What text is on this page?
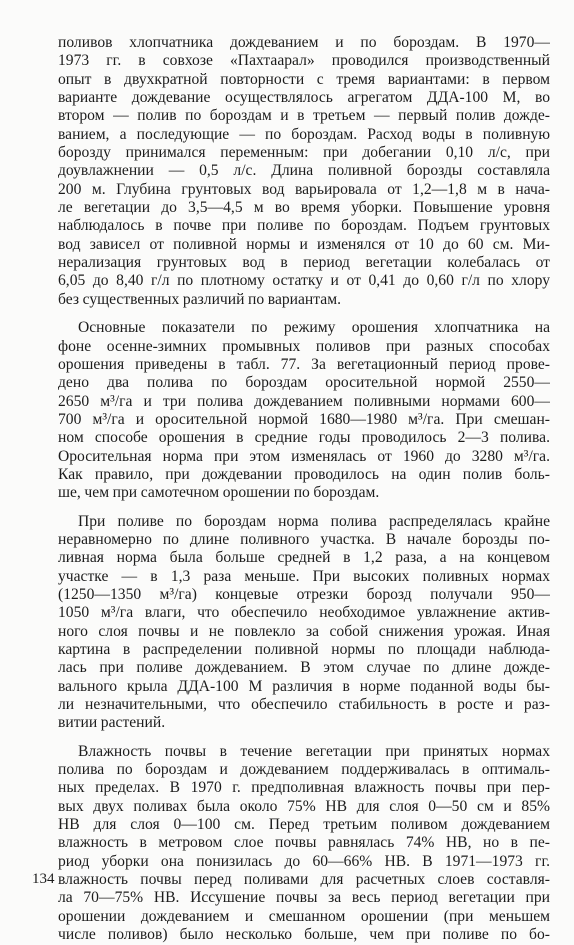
поливов хлопчатника дождеванием и по бороздам. В 1970—
1973 гг. в совхозе «Пахтаарал» проводился производственный
опыт в двухкратной повторности с тремя вариантами: в первом
варианте дождевание осуществлялось агрегатом ДДА-100 М, во
втором — полив по бороздам и в третьем — первый полив дожде-
ванием, а последующие — по бороздам. Расход воды в поливную
борозду принимался переменным: при добегании 0,10 л/с, при
доувлажнении — 0,5 л/с. Длина поливной борозды составляла
200 м. Глубина грунтовых вод варьировала от 1,2—1,8 м в нача-
ле вегетации до 3,5—4,5 м во время уборки. Повышение уровня
наблюдалось в почве при поливе по бороздам. Подъем грунтовых
вод зависел от поливной нормы и изменялся от 10 до 60 см. Ми-
нерализация грунтовых вод в период вегетации колебалась от
6,05 до 8,40 г/л по плотному остатку и от 0,41 до 0,60 г/л по хлору
без существенных различий по вариантам.

Основные показатели по режиму орошения хлопчатника на
фоне осенне-зимних промывных поливов при разных способах
орошения приведены в табл. 77. За вегетационный период прове-
дено два полива по бороздам оросительной нормой 2550—
2650 м³/га и три полива дождеванием поливными нормами 600—
700 м³/га и оросительной нормой 1680—1980 м³/га. При смешан-
ном способе орошения в средние годы проводилось 2—3 полива.
Оросительная норма при этом изменялась от 1960 до 3280 м³/га.
Как правило, при дождевании проводилось на один полив боль-
ше, чем при самотечном орошении по бороздам.

При поливе по бороздам норма полива распределялась крайне
неравномерно по длине поливного участка. В начале борозды по-
ливная норма была больше средней в 1,2 раза, а на концевом
участке — в 1,3 раза меньше. При высоких поливных нормах
(1250—1350 м³/га) концевые отрезки борозд получали 950—
1050 м³/га влаги, что обеспечило необходимое увлажнение актив-
ного слоя почвы и не повлекло за собой снижения урожая. Иная
картина в распределении поливной нормы по площади наблюда-
лась при поливе дождеванием. В этом случае по длине дожде-
вального крыла ДДА-100 М различия в норме поданной воды бы-
ли незначительными, что обеспечило стабильность в росте и раз-
витии растений.

Влажность почвы в течение вегетации при принятых нормах
полива по бороздам и дождеванием поддерживалась в оптималь-
ных пределах. В 1970 г. предполивная влажность почвы при пер-
вых двух поливах была около 75% НВ для слоя 0—50 см и 85%
НВ для слоя 0—100 см. Перед третьим поливом дождеванием
влажность в метровом слое почвы равнялась 74% НВ, но в пе-
риод уборки она понизилась до 60—66% НВ. В 1971—1973 гг.
влажность почвы перед поливами для расчетных слоев составля-
ла 70—75% НВ. Иссушение почвы за весь период вегетации при
орошении дождеванием и смешанном орошении (при меньшем
числе поливов) было несколько больше, чем при поливе по бо-

134
